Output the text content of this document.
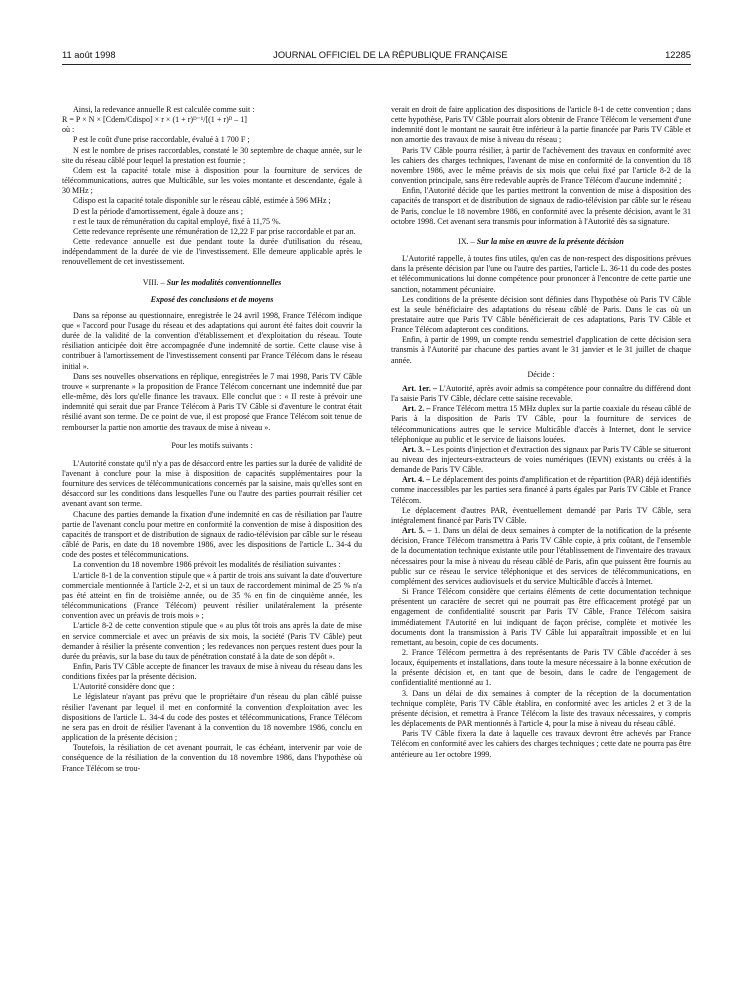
11 août 1998	JOURNAL OFFICIEL DE LA RÉPUBLIQUE FRANÇAISE	12285

Ainsi, la redevance annuelle R est calculée comme suit :

R = P × N × [Cdem/Cdispo] × r × (1 + r)ᴰ⁻¹/[(1 + r)ᴰ – 1]

où :

P est le coût d'une prise raccordable, évalué à 1 700 F ;

N est le nombre de prises raccordables, constaté le 30 septembre de chaque année, sur le site du réseau câblé pour lequel la prestation est fournie ;

Cdem est la capacité totale mise à disposition pour la fourniture de services de télécommunications, autres que Multicâble, sur les voies montante et descendante, égale à 30 MHz ;

Cdispo est la capacité totale disponible sur le réseau câblé, estimée à 596 MHz ;

D est la période d'amortissement, égale à douze ans ;

r est le taux de rémunération du capital employé, fixé à 11,75 %.

Cette redevance représente une rémunération de 12,22 F par prise raccordable et par an.

Cette redevance annuelle est due pendant toute la durée d'utilisation du réseau, indépendamment de la durée de vie de l'investissement. Elle demeure applicable après le renouvellement de cet investissement.

VIII. – Sur les modalités conventionnelles

Exposé des conclusions et de moyens

Dans sa réponse au questionnaire, enregistrée le 24 avril 1998, France Télécom indique que « l'accord pour l'usage du réseau et des adaptations qui auront été faites doit couvrir la durée de la validité de la convention d'établissement et d'exploitation du réseau. Toute résiliation anticipée doit être accompagnée d'une indemnité de sortie. Cette clause vise à contribuer à l'amortissement de l'investissement consenti par France Télécom dans le réseau initial ».

Dans ses nouvelles observations en réplique, enregistrées le 7 mai 1998, Paris TV Câble trouve « surprenante » la proposition de France Télécom concernant une indemnité due par elle-même, dès lors qu'elle finance les travaux. Elle conclut que : « Il reste à prévoir une indemnité qui serait due par France Télécom à Paris TV Câble si d'aventure le contrat était résilié avant son terme. De ce point de vue, il est proposé que France Télécom soit tenue de rembourser la partie non amortie des travaux de mise à niveau ».

Pour les motifs suivants :

L'Autorité constate qu'il n'y a pas de désaccord entre les parties sur la durée de validité de l'avenant à conclure pour la mise à disposition de capacités supplémentaires pour la fourniture des services de télécommunications concernés par la saisine, mais qu'elles sont en désaccord sur les conditions dans lesquelles l'une ou l'autre des parties pourrait résilier cet avenant avant son terme.

Chacune des parties demande la fixation d'une indemnité en cas de résiliation par l'autre partie de l'avenant conclu pour mettre en conformité la convention de mise à disposition des capacités de transport et de distribution de signaux de radio-télévision par câble sur le réseau câblé de Paris, en date du 18 novembre 1986, avec les dispositions de l'article L. 34-4 du code des postes et télécommunications.

La convention du 18 novembre 1986 prévoit les modalités de résiliation suivantes :

L'article 8-1 de la convention stipule que « à partir de trois ans suivant la date d'ouverture commerciale mentionnée à l'article 2-2, et si un taux de raccordement minimal de 25 % n'a pas été atteint en fin de troisième année, ou de 35 % en fin de cinquième année, les télécommunications (France Télécom) peuvent résilier unilatéralement la présente convention avec un préavis de trois mois » ;

L'article 8-2 de cette convention stipule que « au plus tôt trois ans après la date de mise en service commerciale et avec un préavis de six mois, la société (Paris TV Câble) peut demander à résilier la présente convention ; les redevances non perçues restent dues pour la durée du préavis, sur la base du taux de pénétration constaté à la date de son dépôt ».

Enfin, Paris TV Câble accepte de financer les travaux de mise à niveau du réseau dans les conditions fixées par la présente décision.

L'Autorité considère donc que :

Le législateur n'ayant pas prévu que le propriétaire d'un réseau du plan câblé puisse résilier l'avenant par lequel il met en conformité la convention d'exploitation avec les dispositions de l'article L. 34-4 du code des postes et télécommunications, France Télécom ne sera pas en droit de résilier l'avenant à la convention du 18 novembre 1986, conclu en application de la présente décision ;

Toutefois, la résiliation de cet avenant pourrait, le cas échéant, intervenir par voie de conséquence de la résiliation de la convention du 18 novembre 1986, dans l'hypothèse où France Télécom se trou-

verait en droit de faire application des dispositions de l'article 8-1 de cette convention ; dans cette hypothèse, Paris TV Câble pourrait alors obtenir de France Télécom le versement d'une indemnité dont le montant ne saurait être inférieur à la partie financée par Paris TV Câble et non amortie des travaux de mise à niveau du réseau ;

Paris TV Câble pourra résilier, à partir de l'achèvement des travaux en conformité avec les cahiers des charges techniques, l'avenant de mise en conformité de la convention du 18 novembre 1986, avec le même préavis de six mois que celui fixé par l'article 8-2 de la convention principale, sans être redevable auprès de France Télécom d'aucune indemnité ;

Enfin, l'Autorité décide que les parties mettront la convention de mise à disposition des capacités de transport et de distribution de signaux de radio-télévision par câble sur le réseau de Paris, conclue le 18 novembre 1986, en conformité avec la présente décision, avant le 31 octobre 1998. Cet avenant sera transmis pour information à l'Autorité dès sa signature.

IX. – Sur la mise en œuvre de la présente décision

L'Autorité rappelle, à toutes fins utiles, qu'en cas de non-respect des dispositions prévues dans la présente décision par l'une ou l'autre des parties, l'article L. 36-11 du code des postes et télécommunications lui donne compétence pour prononcer à l'encontre de cette partie une sanction, notamment pécuniaire.

Les conditions de la présente décision sont définies dans l'hypothèse où Paris TV Câble est la seule bénéficiaire des adaptations du réseau câblé de Paris. Dans le cas où un prestataire autre que Paris TV Câble bénéficierait de ces adaptations, Paris TV Câble et France Télécom adapteront ces conditions.

Enfin, à partir de 1999, un compte rendu semestriel d'application de cette décision sera transmis à l'Autorité par chacune des parties avant le 31 janvier et le 31 juillet de chaque année.

Décide :

Art. 1er. – L'Autorité, après avoir admis sa compétence pour connaître du différend dont l'a saisie Paris TV Câble, déclare cette saisine recevable.

Art. 2. – France Télécom mettra 15 MHz duplex sur la partie coaxiale du réseau câblé de Paris à la disposition de Paris TV Câble, pour la fourniture de services de télécommunications autres que le service Multicâble d'accès à Internet, dont le service téléphonique au public et le service de liaisons louées.

Art. 3. – Les points d'injection et d'extraction des signaux par Paris TV Câble se situeront au niveau des injecteurs-extracteurs de voies numériques (IEVN) existants ou créés à la demande de Paris TV Câble.

Art. 4. – Le déplacement des points d'amplification et de répartition (PAR) déjà identifiés comme inaccessibles par les parties sera financé à parts égales par Paris TV Câble et France Télécom.

Le déplacement d'autres PAR, éventuellement demandé par Paris TV Câble, sera intégralement financé par Paris TV Câble.

Art. 5. – 1. Dans un délai de deux semaines à compter de la notification de la présente décision, France Télécom transmettra à Paris TV Câble copie, à prix coûtant, de l'ensemble de la documentation technique existante utile pour l'établissement de l'inventaire des travaux nécessaires pour la mise à niveau du réseau câblé de Paris, afin que puissent être fournis au public sur ce réseau le service téléphonique et des services de télécommunications, en complément des services audiovisuels et du service Multicâble d'accès à Internet.

Si France Télécom considère que certains éléments de cette documentation technique présentent un caractère de secret qui ne pourrait pas être efficacement protégé par un engagement de confidentialité souscrit par Paris TV Câble, France Télécom saisira immédiatement l'Autorité en lui indiquant de façon précise, complète et motivée les documents dont la transmission à Paris TV Câble lui apparaîtrait impossible et en lui remettant, au besoin, copie de ces documents.

2. France Télécom permettra à des représentants de Paris TV Câble d'accéder à ses locaux, équipements et installations, dans toute la mesure nécessaire à la bonne exécution de la présente décision et, en tant que de besoin, dans le cadre de l'engagement de confidentialité mentionné au 1.

3. Dans un délai de dix semaines à compter de la réception de la documentation technique complète, Paris TV Câble établira, en conformité avec les articles 2 et 3 de la présente décision, et remettra à France Télécom la liste des travaux nécessaires, y compris les déplacements de PAR mentionnés à l'article 4, pour la mise à niveau du réseau câblé.

Paris TV Câble fixera la date à laquelle ces travaux devront être achevés par France Télécom en conformité avec les cahiers des charges techniques ; cette date ne pourra pas être antérieure au 1er octobre 1999.
